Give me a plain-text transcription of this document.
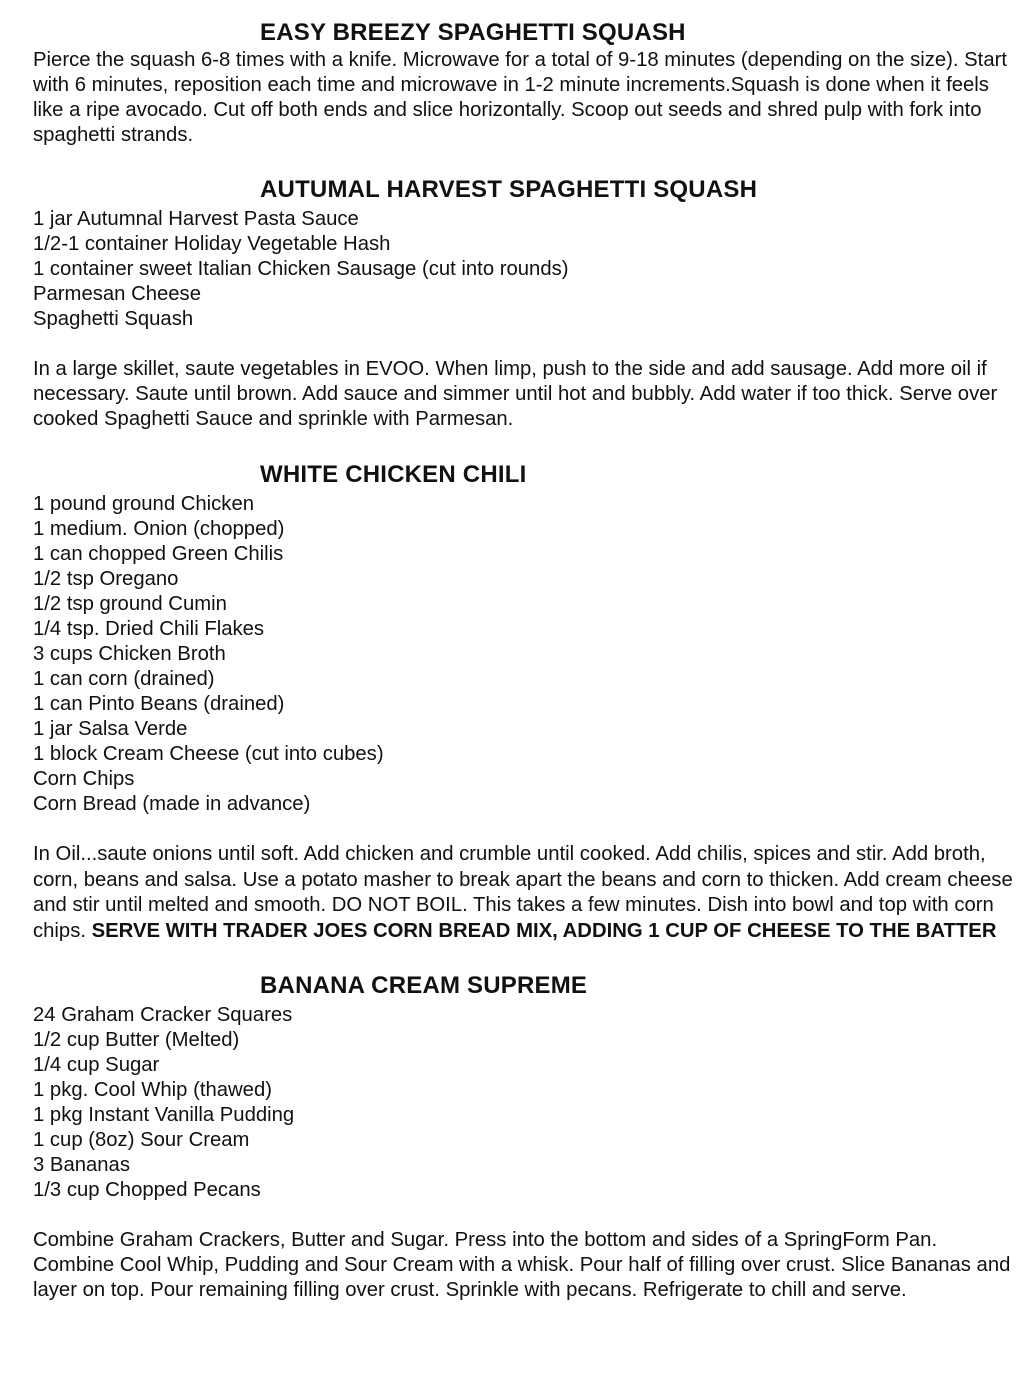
EASY BREEZY SPAGHETTI SQUASH

Pierce the squash 6-8 times with a knife. Microwave for a total of 9-18 minutes (depending on the size). Start with 6 minutes, reposition each time and microwave in 1-2 minute increments.Squash is done when it feels like a ripe avocado. Cut off both ends and slice horizontally. Scoop out seeds and shred pulp with fork into spaghetti strands.

AUTUMAL HARVEST SPAGHETTI SQUASH
1 jar Autumnal Harvest Pasta Sauce
1/2-1 container Holiday Vegetable Hash
1 container sweet Italian Chicken Sausage (cut into rounds)
Parmesan Cheese
Spaghetti Squash

In a large skillet, saute vegetables in EVOO. When limp, push to the side and add sausage. Add more oil if necessary. Saute until brown. Add sauce and simmer until hot and bubbly. Add water if too thick. Serve over cooked Spaghetti Sauce and sprinkle with Parmesan.

WHITE CHICKEN CHILI
1 pound ground Chicken
1 medium. Onion (chopped)
1 can chopped Green Chilis
1/2 tsp Oregano
1/2 tsp ground Cumin
1/4 tsp. Dried Chili Flakes
3 cups Chicken Broth
1 can corn (drained)
1 can Pinto Beans (drained)
1 jar Salsa Verde
1 block Cream Cheese (cut into cubes)
Corn Chips
Corn Bread (made in advance)

In Oil...saute onions until soft. Add chicken and crumble until cooked. Add chilis, spices and stir. Add broth, corn, beans and salsa. Use a potato masher to break apart the beans and corn to thicken. Add cream cheese and stir until melted and smooth. DO NOT BOIL. This takes a few minutes. Dish into bowl and top with corn chips. SERVE WITH TRADER JOES CORN BREAD MIX, ADDING 1 CUP OF CHEESE TO THE BATTER

BANANA CREAM SUPREME
24 Graham Cracker Squares
1/2 cup Butter (Melted)
1/4 cup Sugar
1 pkg. Cool Whip (thawed)
1 pkg Instant Vanilla Pudding
1 cup (8oz) Sour Cream
3 Bananas
1/3 cup Chopped Pecans

Combine Graham Crackers, Butter and Sugar. Press into the bottom and sides of a SpringForm Pan. Combine Cool Whip, Pudding and Sour Cream with a whisk. Pour half of filling over crust. Slice Bananas and layer on top. Pour remaining filling over crust. Sprinkle with pecans. Refrigerate to chill and serve.
